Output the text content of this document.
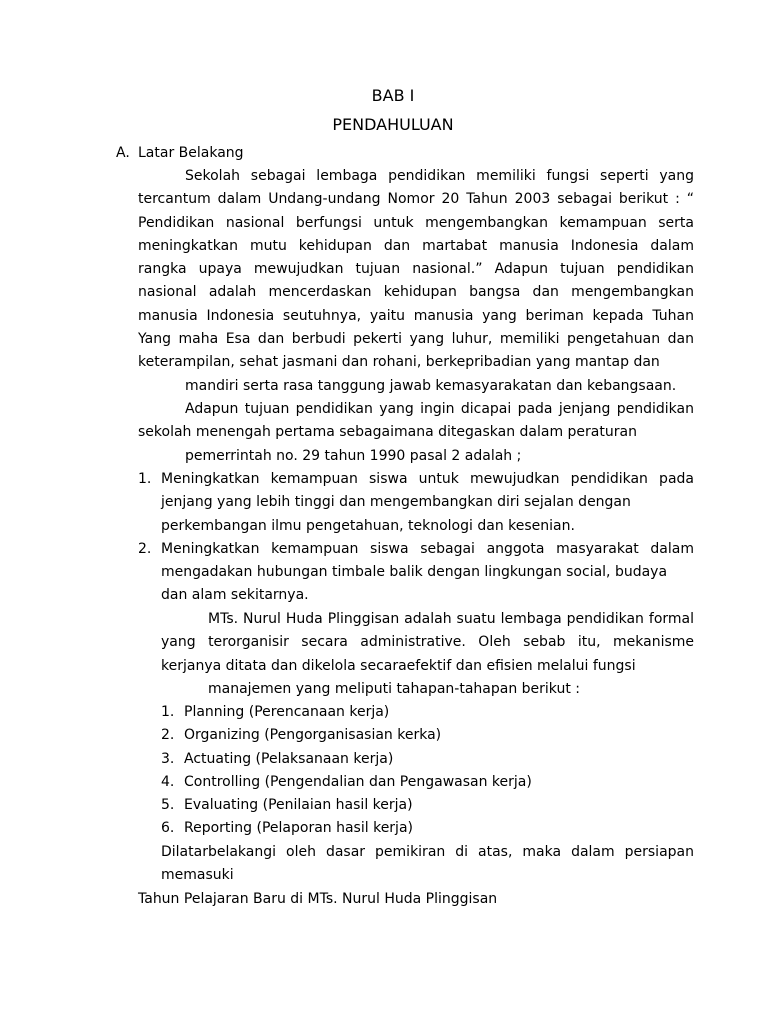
BAB I
PENDAHULUAN
A. Latar Belakang

Sekolah sebagai lembaga pendidikan memiliki fungsi seperti yang tercantum dalam Undang-undang Nomor 20 Tahun 2003 sebagai berikut : “ Pendidikan nasional berfungsi untuk mengembangkan kemampuan serta meningkatkan mutu kehidupan dan martabat manusia Indonesia dalam rangka upaya mewujudkan tujuan nasional.” Adapun tujuan pendidikan nasional adalah mencerdaskan kehidupan bangsa dan mengembangkan manusia Indonesia seutuhnya, yaitu manusia yang beriman kepada Tuhan Yang maha Esa dan berbudi pekerti yang luhur, memiliki pengetahuan dan keterampilan, sehat jasmani dan rohani, berkepribadian yang mantap dan
mandiri serta rasa tanggung jawab kemasyarakatan dan kebangsaan.

Adapun tujuan pendidikan yang ingin dicapai pada jenjang pendidikan sekolah menengah pertama sebagaimana ditegaskan dalam peraturan
pemerrintah no. 29 tahun 1990 pasal 2 adalah ;

1. Meningkatkan kemampuan siswa untuk mewujudkan pendidikan pada jenjang yang lebih tinggi dan mengembangkan diri sejalan dengan
perkembangan ilmu pengetahuan, teknologi dan kesenian.
2. Meningkatkan kemampuan siswa sebagai anggota masyarakat dalam mengadakan hubungan timbale balik dengan lingkungan social, budaya
dan alam sekitarnya.

MTs. Nurul Huda Plinggisan adalah suatu lembaga pendidikan formal yang terorganisir secara administrative. Oleh sebab itu, mekanisme kerjanya ditata dan dikelola secaraefektif dan efisien melalui fungsi
manajemen yang meliputi tahapan-tahapan berikut :

1. Planning (Perencanaan kerja)
2. Organizing (Pengorganisasian kerka)
3. Actuating (Pelaksanaan kerja)
4. Controlling (Pengendalian dan Pengawasan kerja)
5. Evaluating (Penilaian hasil kerja)
6. Reporting (Pelaporan hasil kerja)
Dilatarbelakangi oleh dasar pemikiran di atas, maka dalam persiapan memasuki
Tahun Pelajaran Baru di MTs. Nurul Huda Plinggisan
